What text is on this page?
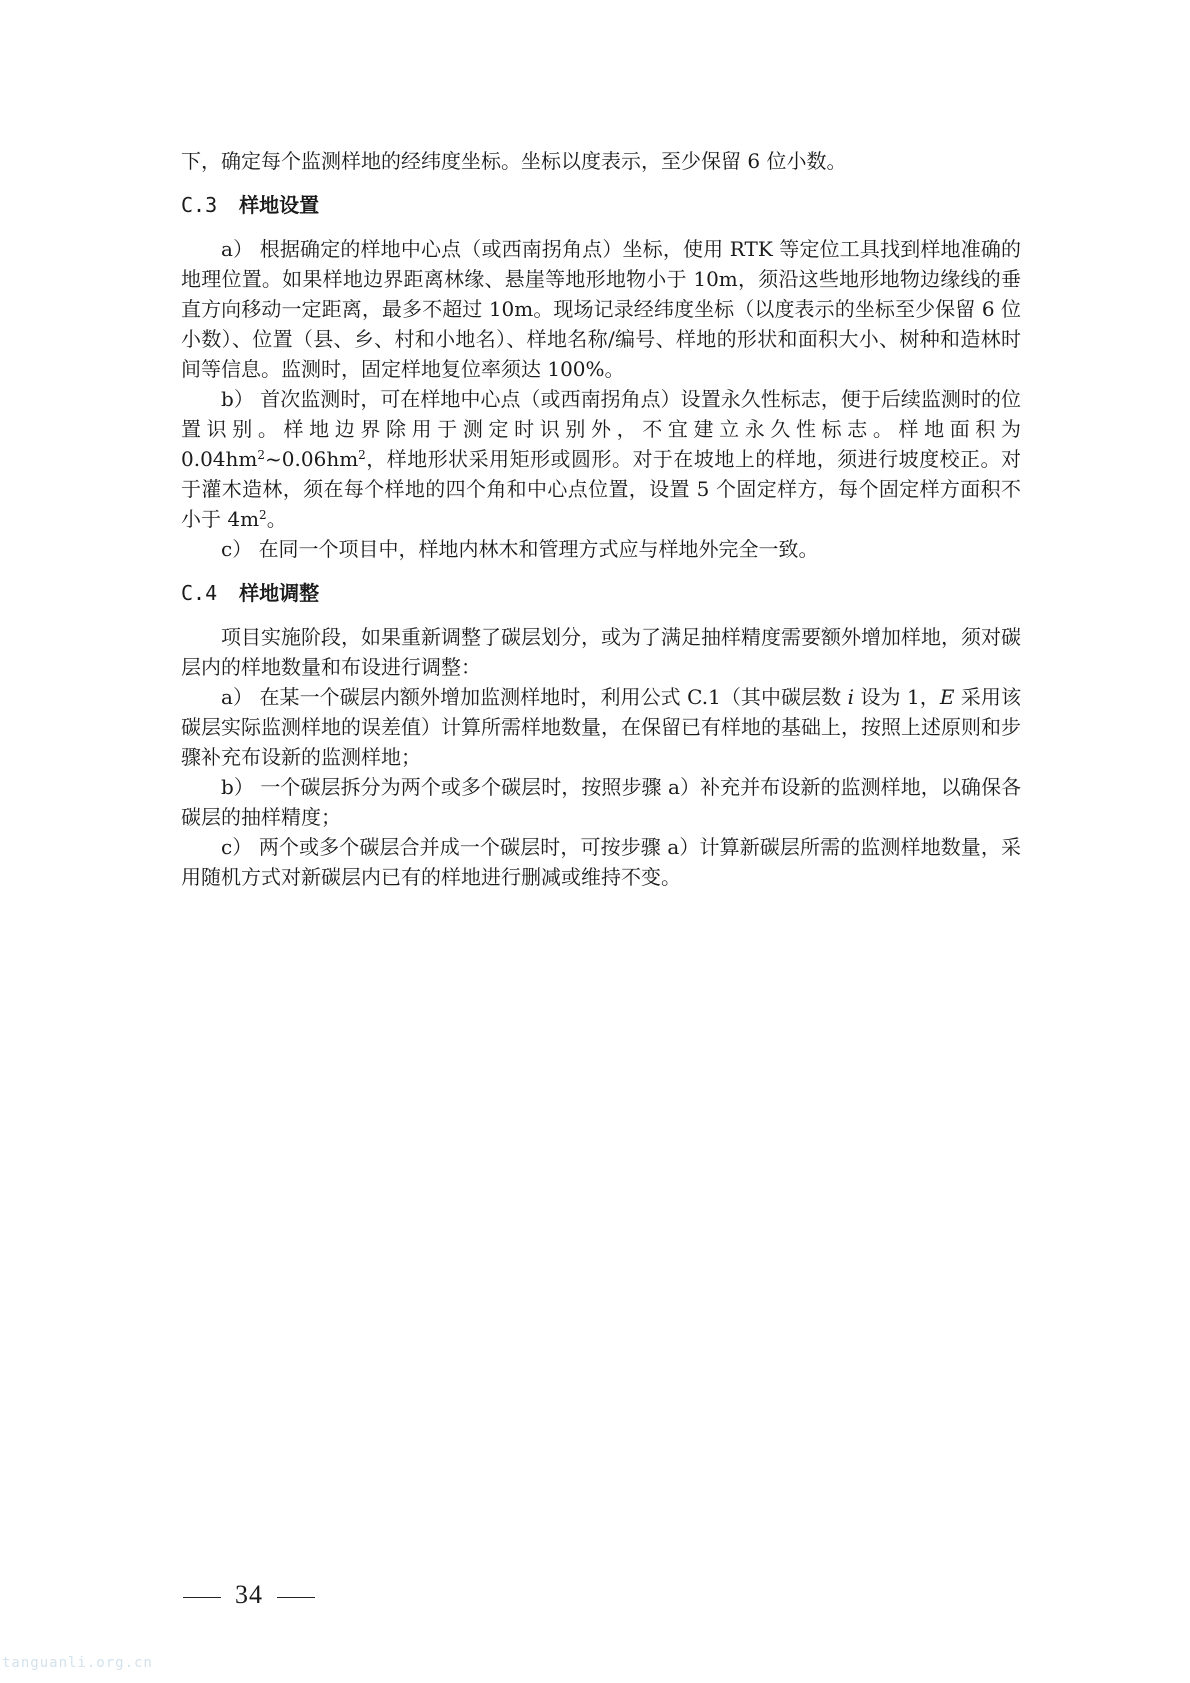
下，确定每个监测样地的经纬度坐标。坐标以度表示，至少保留 6 位小数。

C.3 样地设置

a） 根据确定的样地中心点（或西南拐角点）坐标，使用 RTK 等定位工具找到样地准确的地理位置。如果样地边界距离林缘、悬崖等地形地物小于 10m，须沿这些地形地物边缘线的垂直方向移动一定距离，最多不超过 10m。现场记录经纬度坐标（以度表示的坐标至少保留 6 位小数）、位置（县、乡、村和小地名）、样地名称/编号、样地的形状和面积大小、树种和造林时间等信息。监测时，固定样地复位率须达 100%。

b） 首次监测时，可在样地中心点（或西南拐角点）设置永久性标志，便于后续监测时的位置识别。样地边界除用于测定时识别外，不宜建立永久性标志。样地面积为 $0.04hm^2\sim 0.06hm^2$，样地形状采用矩形或圆形。对于在坡地上的样地，须进行坡度校正。对于灌木造林，须在每个样地的四个角和中心点位置，设置 5 个固定样方，每个固定样方面积不小于 $4m^2$。

c） 在同一个项目中，样地内林木和管理方式应与样地外完全一致。

C.4 样地调整

项目实施阶段，如果重新调整了碳层划分，或为了满足抽样精度需要额外增加样地，须对碳层内的样地数量和布设进行调整：

a） 在某一个碳层内额外增加监测样地时，利用公式 C.1（其中碳层数 i 设为 1，E 采用该碳层实际监测样地的误差值）计算所需样地数量，在保留已有样地的基础上，按照上述原则和步骤补充布设新的监测样地；

b） 一个碳层拆分为两个或多个碳层时，按照步骤 a）补充并布设新的监测样地，以确保各碳层的抽样精度；

c） 两个或多个碳层合并成一个碳层时，可按步骤 a）计算新碳层所需的监测样地数量，采用随机方式对新碳层内已有的样地进行删减或维持不变。

34
tanguanli.org.cn
